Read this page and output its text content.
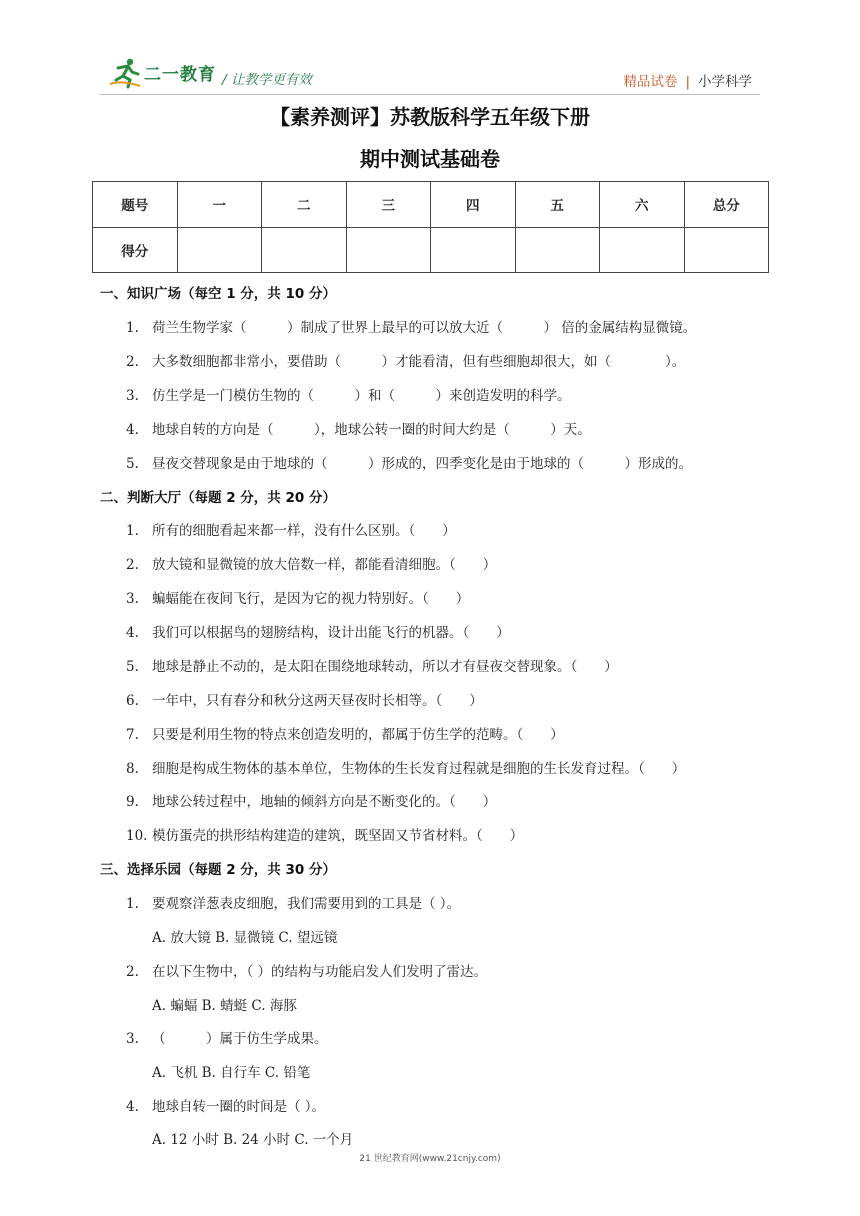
二一教育 / 让教学更有效	精品试卷 | 小学科学
【素养测评】苏教版科学五年级下册
期中测试基础卷
题号	一	二	三	四	五	六	总分
得分							
一、知识广场（每空 1 分，共 10 分）
1. 荷兰生物学家（　　　）制成了世界上最早的可以放大近（　　　） 倍的金属结构显微镜。
2. 大多数细胞都非常小，要借助（　　　）才能看清，但有些细胞却很大，如（　　　　）。
3. 仿生学是一门模仿生物的（　　　）和（　　　）来创造发明的科学。
4. 地球自转的方向是（　　　），地球公转一圈的时间大约是（　　　）天。
5. 昼夜交替现象是由于地球的（　　　）形成的，四季变化是由于地球的（　　　）形成的。
二、判断大厅（每题 2 分，共 20 分）
1. 所有的细胞看起来都一样，没有什么区别。（　　）
2. 放大镜和显微镜的放大倍数一样，都能看清细胞。（　　）
3. 蝙蝠能在夜间飞行，是因为它的视力特别好。（　　）
4. 我们可以根据鸟的翅膀结构，设计出能飞行的机器。（　　）
5. 地球是静止不动的，是太阳在围绕地球转动，所以才有昼夜交替现象。（　　）
6. 一年中，只有春分和秋分这两天昼夜时长相等。（　　）
7. 只要是利用生物的特点来创造发明的，都属于仿生学的范畴。（　　）
8. 细胞是构成生物体的基本单位，生物体的生长发育过程就是细胞的生长发育过程。（　　）
9. 地球公转过程中，地轴的倾斜方向是不断变化的。（　　）
10. 模仿蛋壳的拱形结构建造的建筑，既坚固又节省材料。（　　）
三、选择乐园（每题 2 分，共 30 分）
1. 要观察洋葱表皮细胞，我们需要用到的工具是（ ）。
A. 放大镜 B. 显微镜 C. 望远镜
2. 在以下生物中，（ ）的结构与功能启发人们发明了雷达。
A. 蝙蝠 B. 蜻蜓 C. 海豚
3. （　　　）属于仿生学成果。
A. 飞机 B. 自行车 C. 铅笔
4. 地球自转一圈的时间是（ ）。
A. 12 小时 B. 24 小时 C. 一个月
21 世纪教育网(www.21cnjy.com)
